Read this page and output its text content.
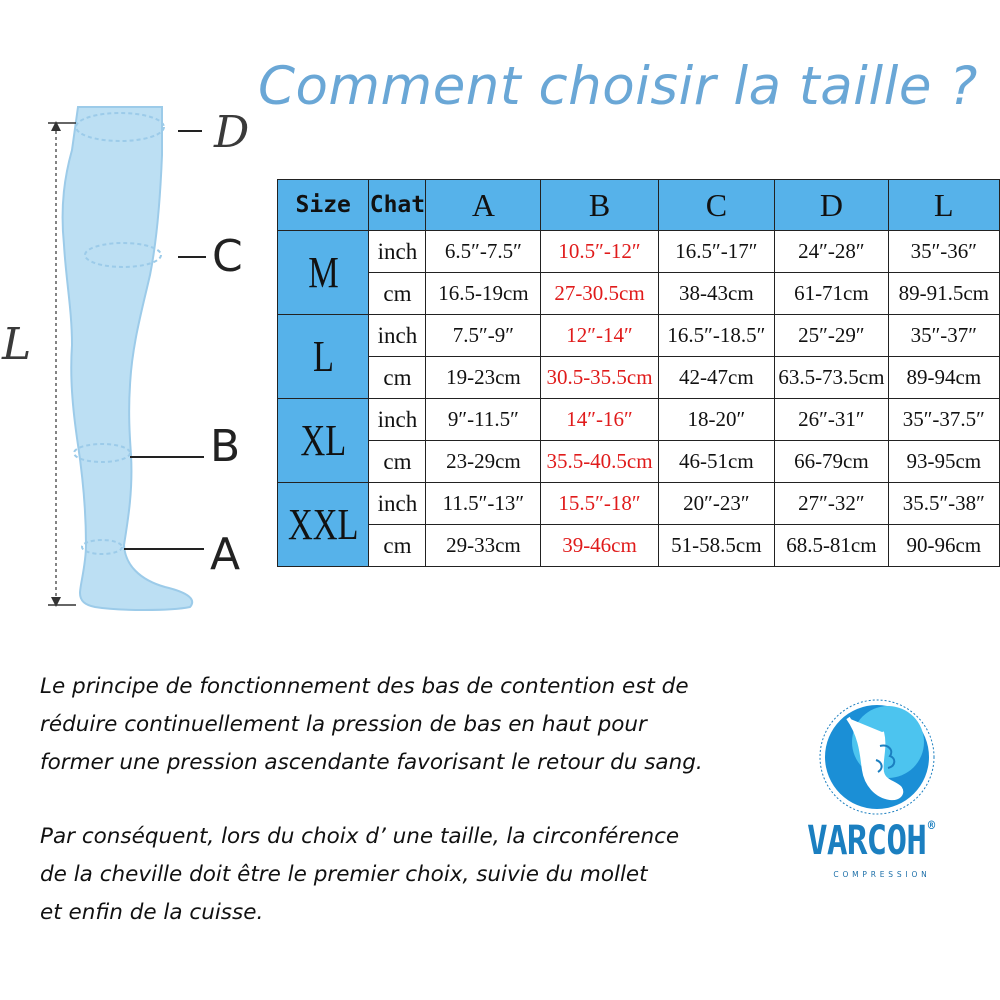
Comment choisir la taille ?
D
C
L
B
A
Size	Chat	A	B	C	D	L
M	inch	6.5″-7.5″	10.5″-12″	16.5″-17″	24″-28″	35″-36″
	cm	16.5-19cm	27-30.5cm	38-43cm	61-71cm	89-91.5cm
L	inch	7.5″-9″	12″-14″	16.5″-18.5″	25″-29″	35″-37″
	cm	19-23cm	30.5-35.5cm	42-47cm	63.5-73.5cm	89-94cm
XL	inch	9″-11.5″	14″-16″	18-20″	26″-31″	35″-37.5″
	cm	23-29cm	35.5-40.5cm	46-51cm	66-79cm	93-95cm
XXL	inch	11.5″-13″	15.5″-18″	20″-23″	27″-32″	35.5″-38″
	cm	29-33cm	39-46cm	51-58.5cm	68.5-81cm	90-96cm
Le principe de fonctionnement des bas de contention est de
réduire continuellement la pression de bas en haut pour
former une pression ascendante favorisant le retour du sang.
Par conséquent, lors du choix d’ une taille, la circonférence
de la cheville doit être le premier choix, suivie du mollet
et enfin de la cuisse.
VARCOH ®
COMPRESSION
